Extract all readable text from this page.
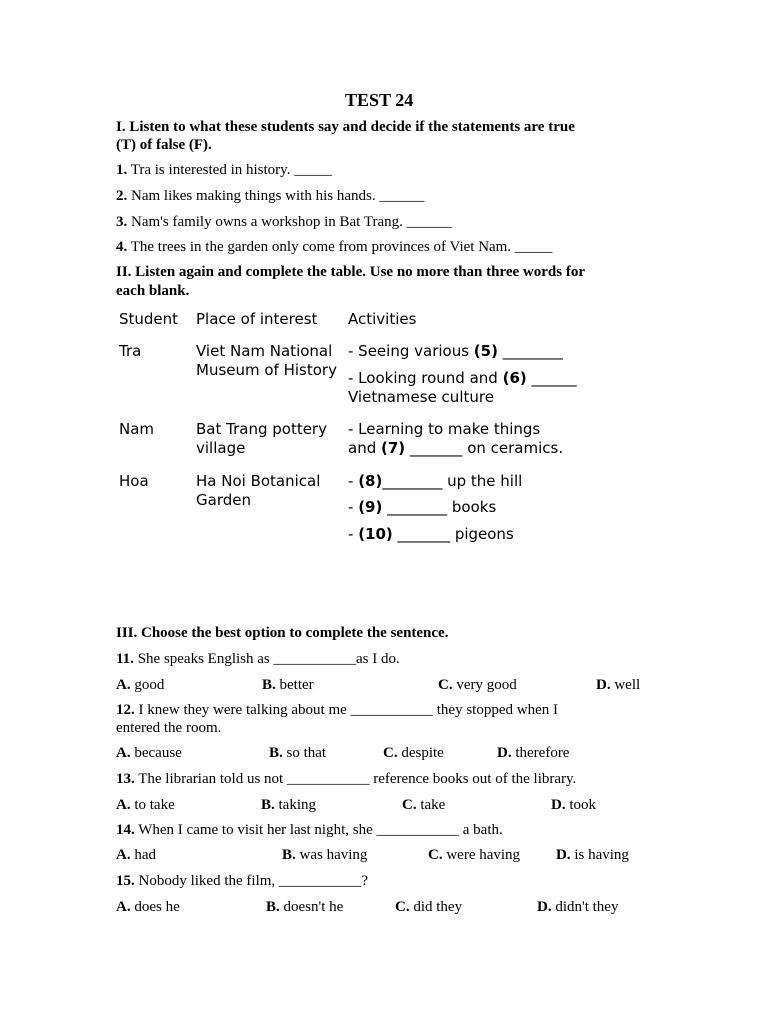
TEST 24
I. Listen to what these students say and decide if the statements are true
(T) of false (F).
1. Tra is interested in history. _____
2. Nam likes making things with his hands. ______
3. Nam's family owns a workshop in Bat Trang. ______
4. The trees in the garden only come from provinces of Viet Nam. _____
II. Listen again and complete the table. Use no more than three words for
each blank.
Student Place of interest Activities
Tra	Viet Nam National
Museum of History
- Seeing various (5) ________
- Looking round and (6) ______
Vietnamese culture
Nam	Bat Trang pottery
village
- Learning to make things
and (7) _______ on ceramics.
Hoa	Ha Noi Botanical
Garden
- (8)________ up the hill
- (9) ________ books
- (10) _______ pigeons
III. Choose the best option to complete the sentence.
11. She speaks English as ___________as I do.
A. good	B. better	C. very good	D. well
12. I knew they were talking about me ___________ they stopped when I
entered the room.
A. because	B. so that	C. despite	D. therefore
13. The librarian told us not ___________ reference books out of the library.
A. to take	B. taking	C. take	D. took
14. When I came to visit her last night, she ___________ a bath.
A. had	B. was having	C. were having D. is having
15. Nobody liked the film, ___________?
A. does he	B. doesn't he	C. did they	D. didn't they
